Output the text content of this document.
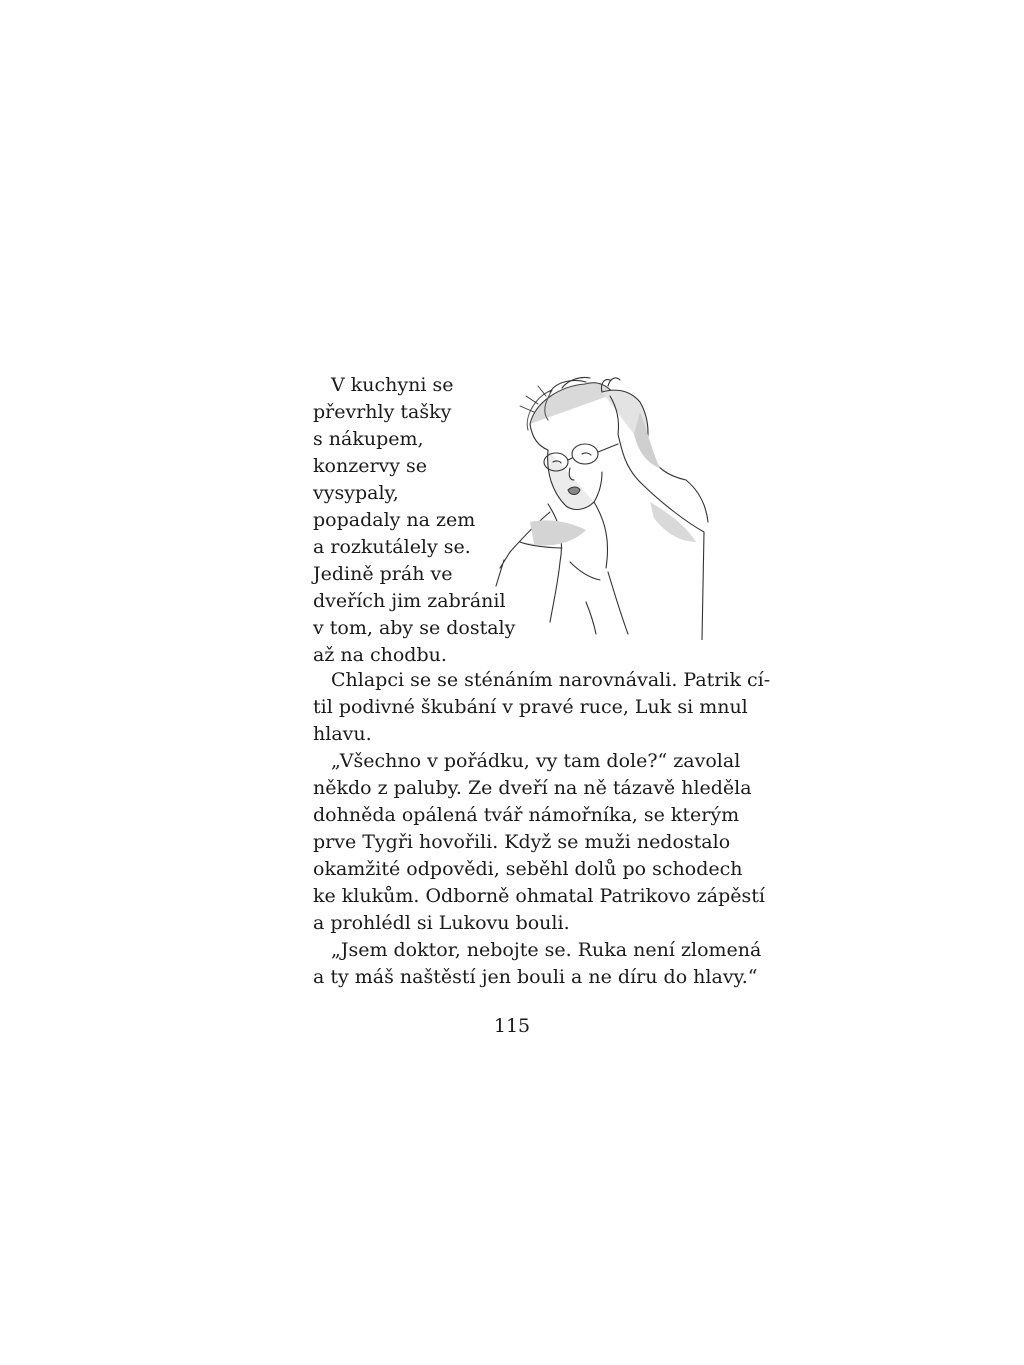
V kuchyni se
převrhly tašky
s nákupem,
konzervy se
vysypaly,
popadaly na zem
a rozkutálely se.
Jedině práh ve
dveřích jim zabránil
v tom, aby se dostaly
až na chodbu.
Chlapci se se sténáním narovnávali. Patrik cí-
til podivné škubání v pravé ruce, Luk si mnul
hlavu.
„Všechno v pořádku, vy tam dole?“ zavolal
někdo z paluby. Ze dveří na ně tázavě hleděla
dohněda opálená tvář námořníka, se kterým
prve Tygři hovořili. Když se muži nedostalo
okamžité odpovědi, seběhl dolů po schodech
ke klukům. Odborně ohmatal Patrikovo zápěstí
a prohlédl si Lukovu bouli.
„Jsem doktor, nebojte se. Ruka není zlomená
a ty máš naštěstí jen bouli a ne díru do hlavy.“
115
